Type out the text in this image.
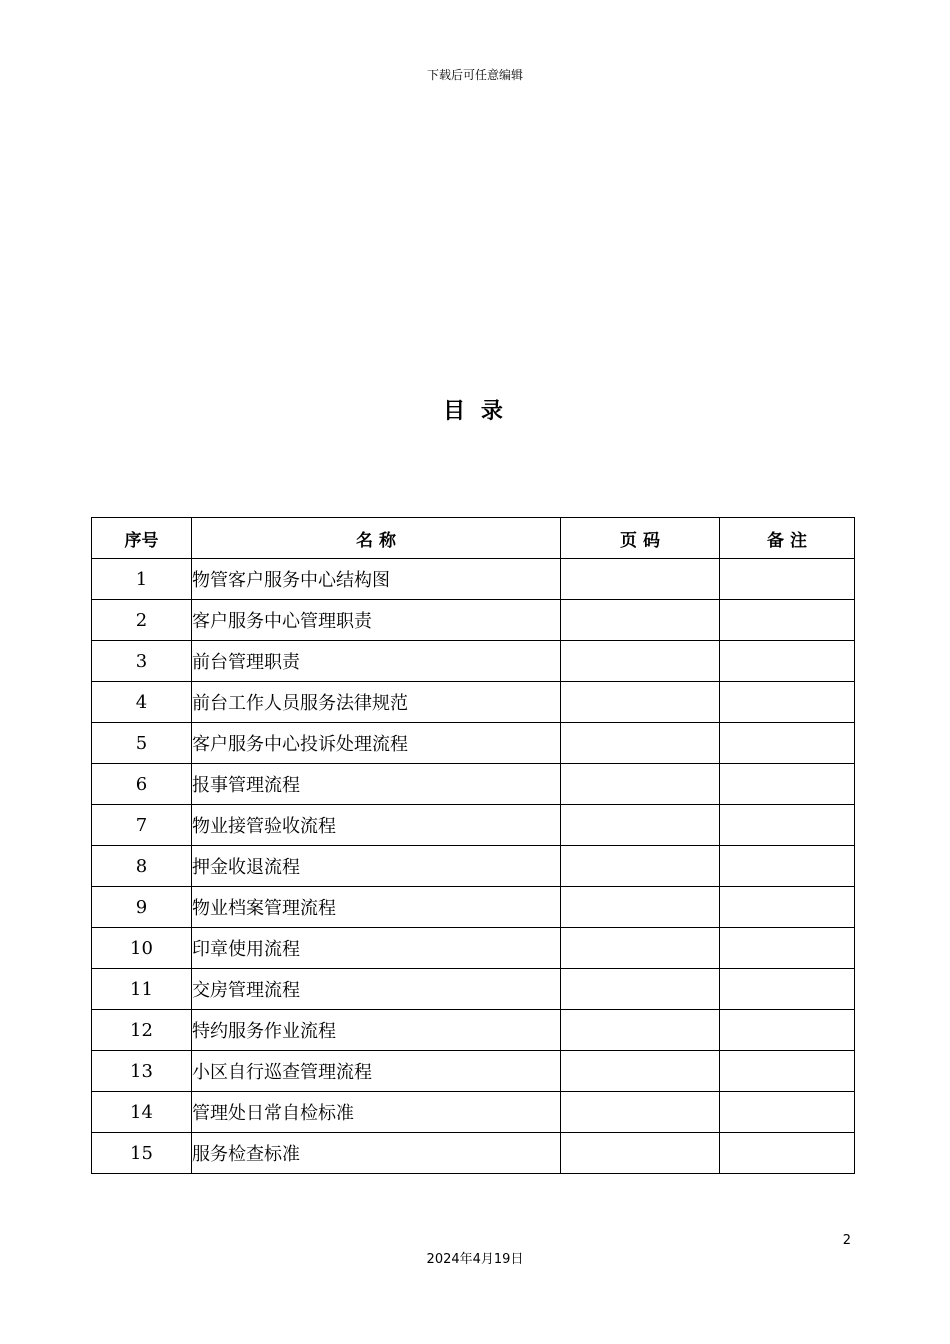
下载后可任意编辑
目 录
序号	名 称	页 码	备 注
1	物管客户服务中心结构图		
2	客户服务中心管理职责		
3	前台管理职责		
4	前台工作人员服务法律规范		
5	客户服务中心投诉处理流程		
6	报事管理流程		
7	物业接管验收流程		
8	押金收退流程		
9	物业档案管理流程		
10	印章使用流程		
11	交房管理流程		
12	特约服务作业流程		
13	小区自行巡查管理流程		
14	管理处日常自检标准		
15	服务检查标准		
2
2024年4月19日
